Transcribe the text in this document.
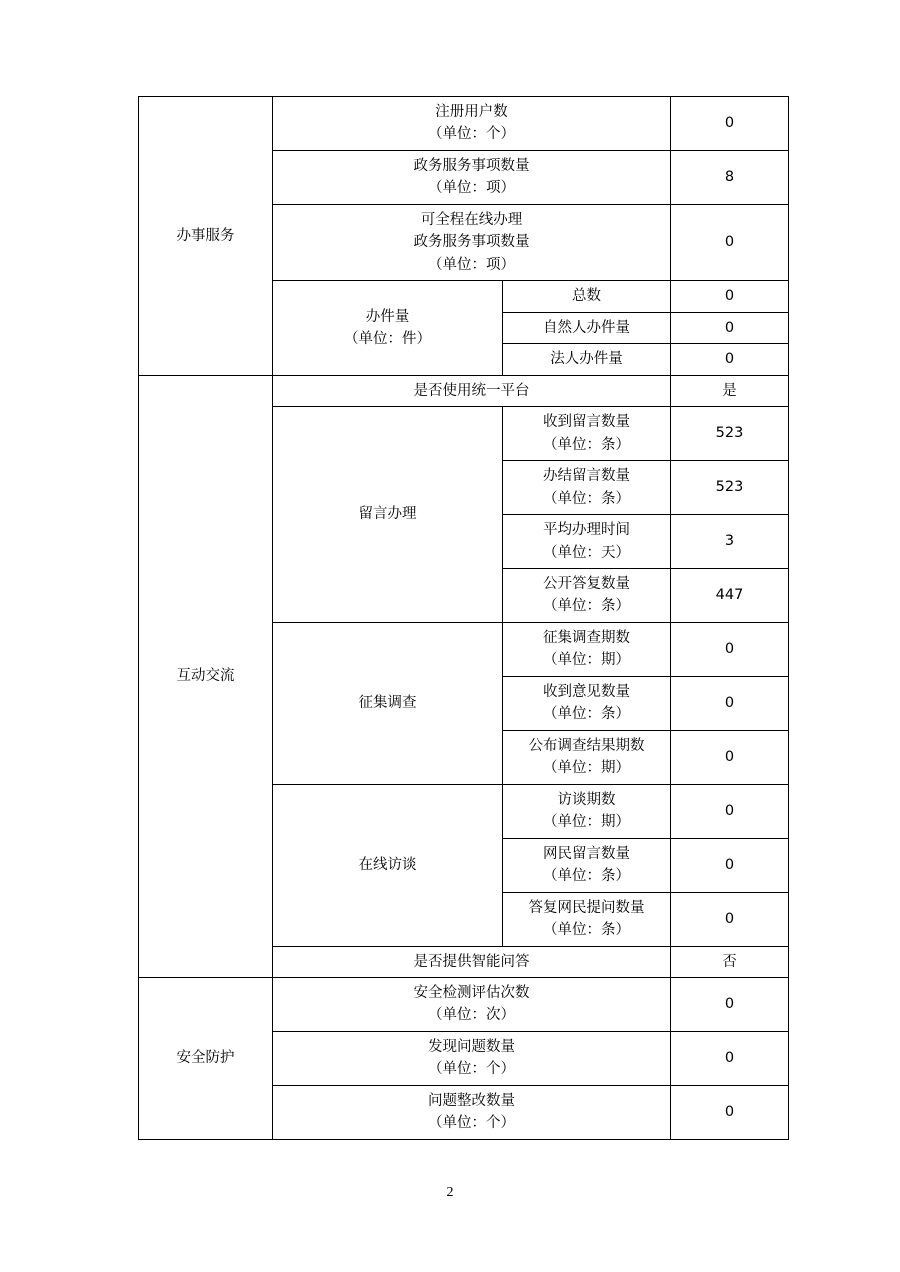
办事服务	注册用户数
（单位：个）		0

	政务服务事项数量
（单位：项）		8

	可全程在线办理
政务服务事项数量
（单位：项）		0

	办件量
（单位：件）	总数	0
		自然人办件量	0
		法人办件量	0
互动交流	是否使用统一平台		是
	留言办理	收到留言数量
（单位：条）	523

		办结留言数量
（单位：条）	523

		平均办理时间
（单位：天）	3

		公开答复数量
（单位：条）	447
	征集调查	征集调查期数
（单位：期）	0

		收到意见数量
（单位：条）	0

		公布调查结果期数
（单位：期）	0
	在线访谈	访谈期数
（单位：期）	0

		网民留言数量
（单位：条）	0

		答复网民提问数量
（单位：条）	0
	是否提供智能问答		否
安全防护	安全检测评估次数
（单位：次）		0

	发现问题数量
（单位：个）		0

	问题整改数量
（单位：个）		0
2
